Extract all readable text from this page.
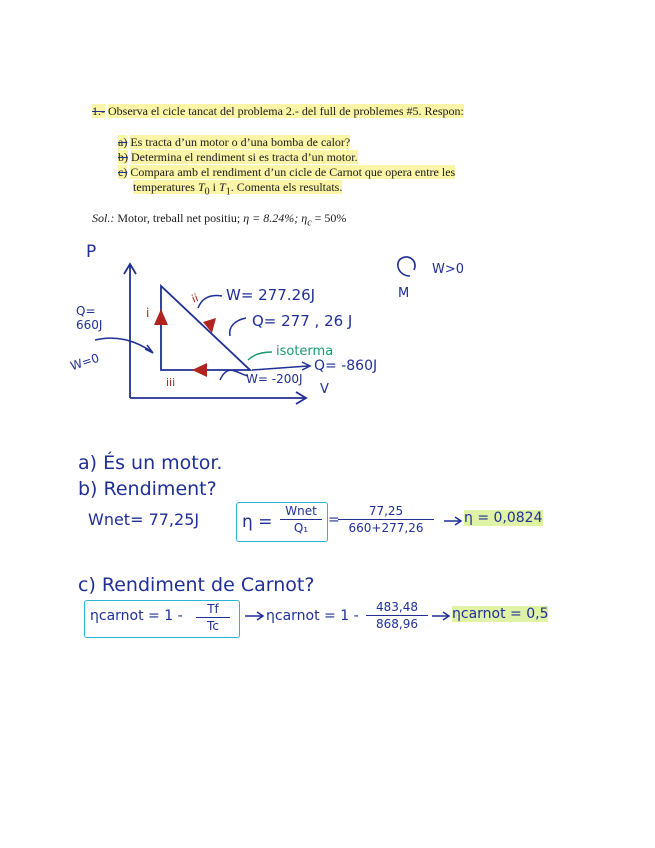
1.- Observa el cicle tancat del problema 2.- del full de problemes #5. Respon:
a) Es tracta d’un motor o d’una bomba de calor?
b) Determina el rendiment si es tracta d’un motor.
c) Compara amb el rendiment d’un cicle de Carnot que opera entre les
temperatures $T_0$ i $T_1$. Comenta els resultats.
Sol.: Motor, treball net positiu; η = 8.24%; $\eta_c = 50\%$
P
V
Q=
660J
W=0
i
ii
iii
W= 277.26J
Q= 277 , 26 J
isoterma
Q= -860J
W= -200J
W>0
M
a) És un motor.
b) Rendiment?
Wnet= 77,25J	η =
Wnet
Q₁ =
77,25
660+277,26
η = 0,0824
c) Rendiment de Carnot?
ηcarnot = 1 - Tf
Tc
ηcarnot = 1 -
483,48
868,96
ηcarnot = 0,5
